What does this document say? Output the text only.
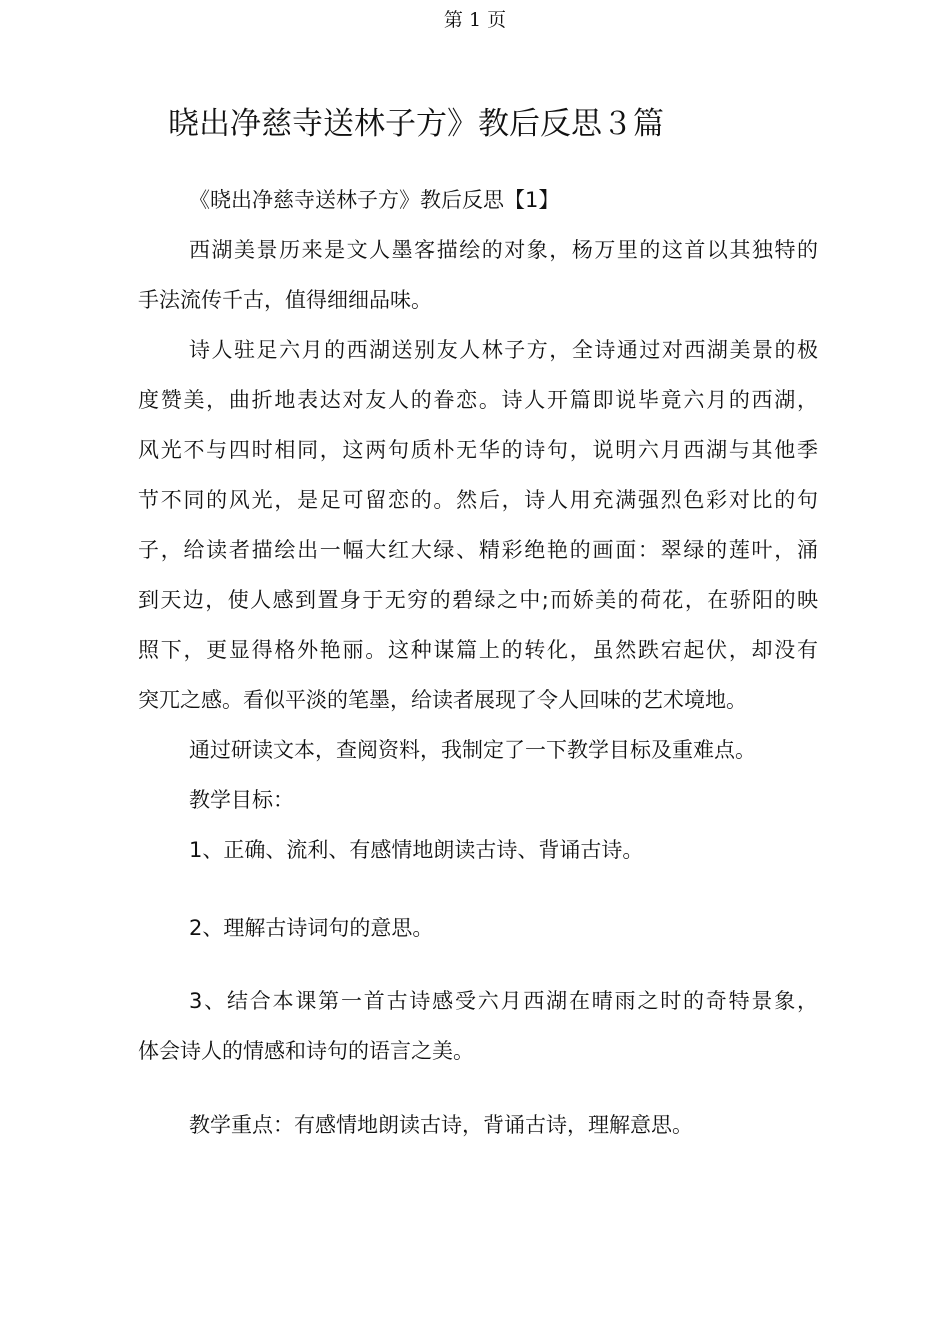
第 1 页
晓出净慈寺送林子方》教后反思３篇
《晓出净慈寺送林子方》教后反思【1】
西湖美景历来是文人墨客描绘的对象，杨万里的这首以其独特的
手法流传千古，值得细细品味。
诗人驻足六月的西湖送别友人林子方，全诗通过对西湖美景的极
度赞美，曲折地表达对友人的眷恋。诗人开篇即说毕竟六月的西湖，
风光不与四时相同，这两句质朴无华的诗句，说明六月西湖与其他季
节不同的风光，是足可留恋的。然后，诗人用充满强烈色彩对比的句
子，给读者描绘出一幅大红大绿、精彩绝艳的画面：翠绿的莲叶，涌
到天边，使人感到置身于无穷的碧绿之中;而娇美的荷花，在骄阳的映
照下，更显得格外艳丽。这种谋篇上的转化，虽然跌宕起伏，却没有
突兀之感。看似平淡的笔墨，给读者展现了令人回味的艺术境地。
通过研读文本，查阅资料，我制定了一下教学目标及重难点。
教学目标：
1、正确、流利、有感情地朗读古诗、背诵古诗。
2、理解古诗词句的意思。
3、结合本课第一首古诗感受六月西湖在晴雨之时的奇特景象，
体会诗人的情感和诗句的语言之美。
教学重点：有感情地朗读古诗，背诵古诗，理解意思。
